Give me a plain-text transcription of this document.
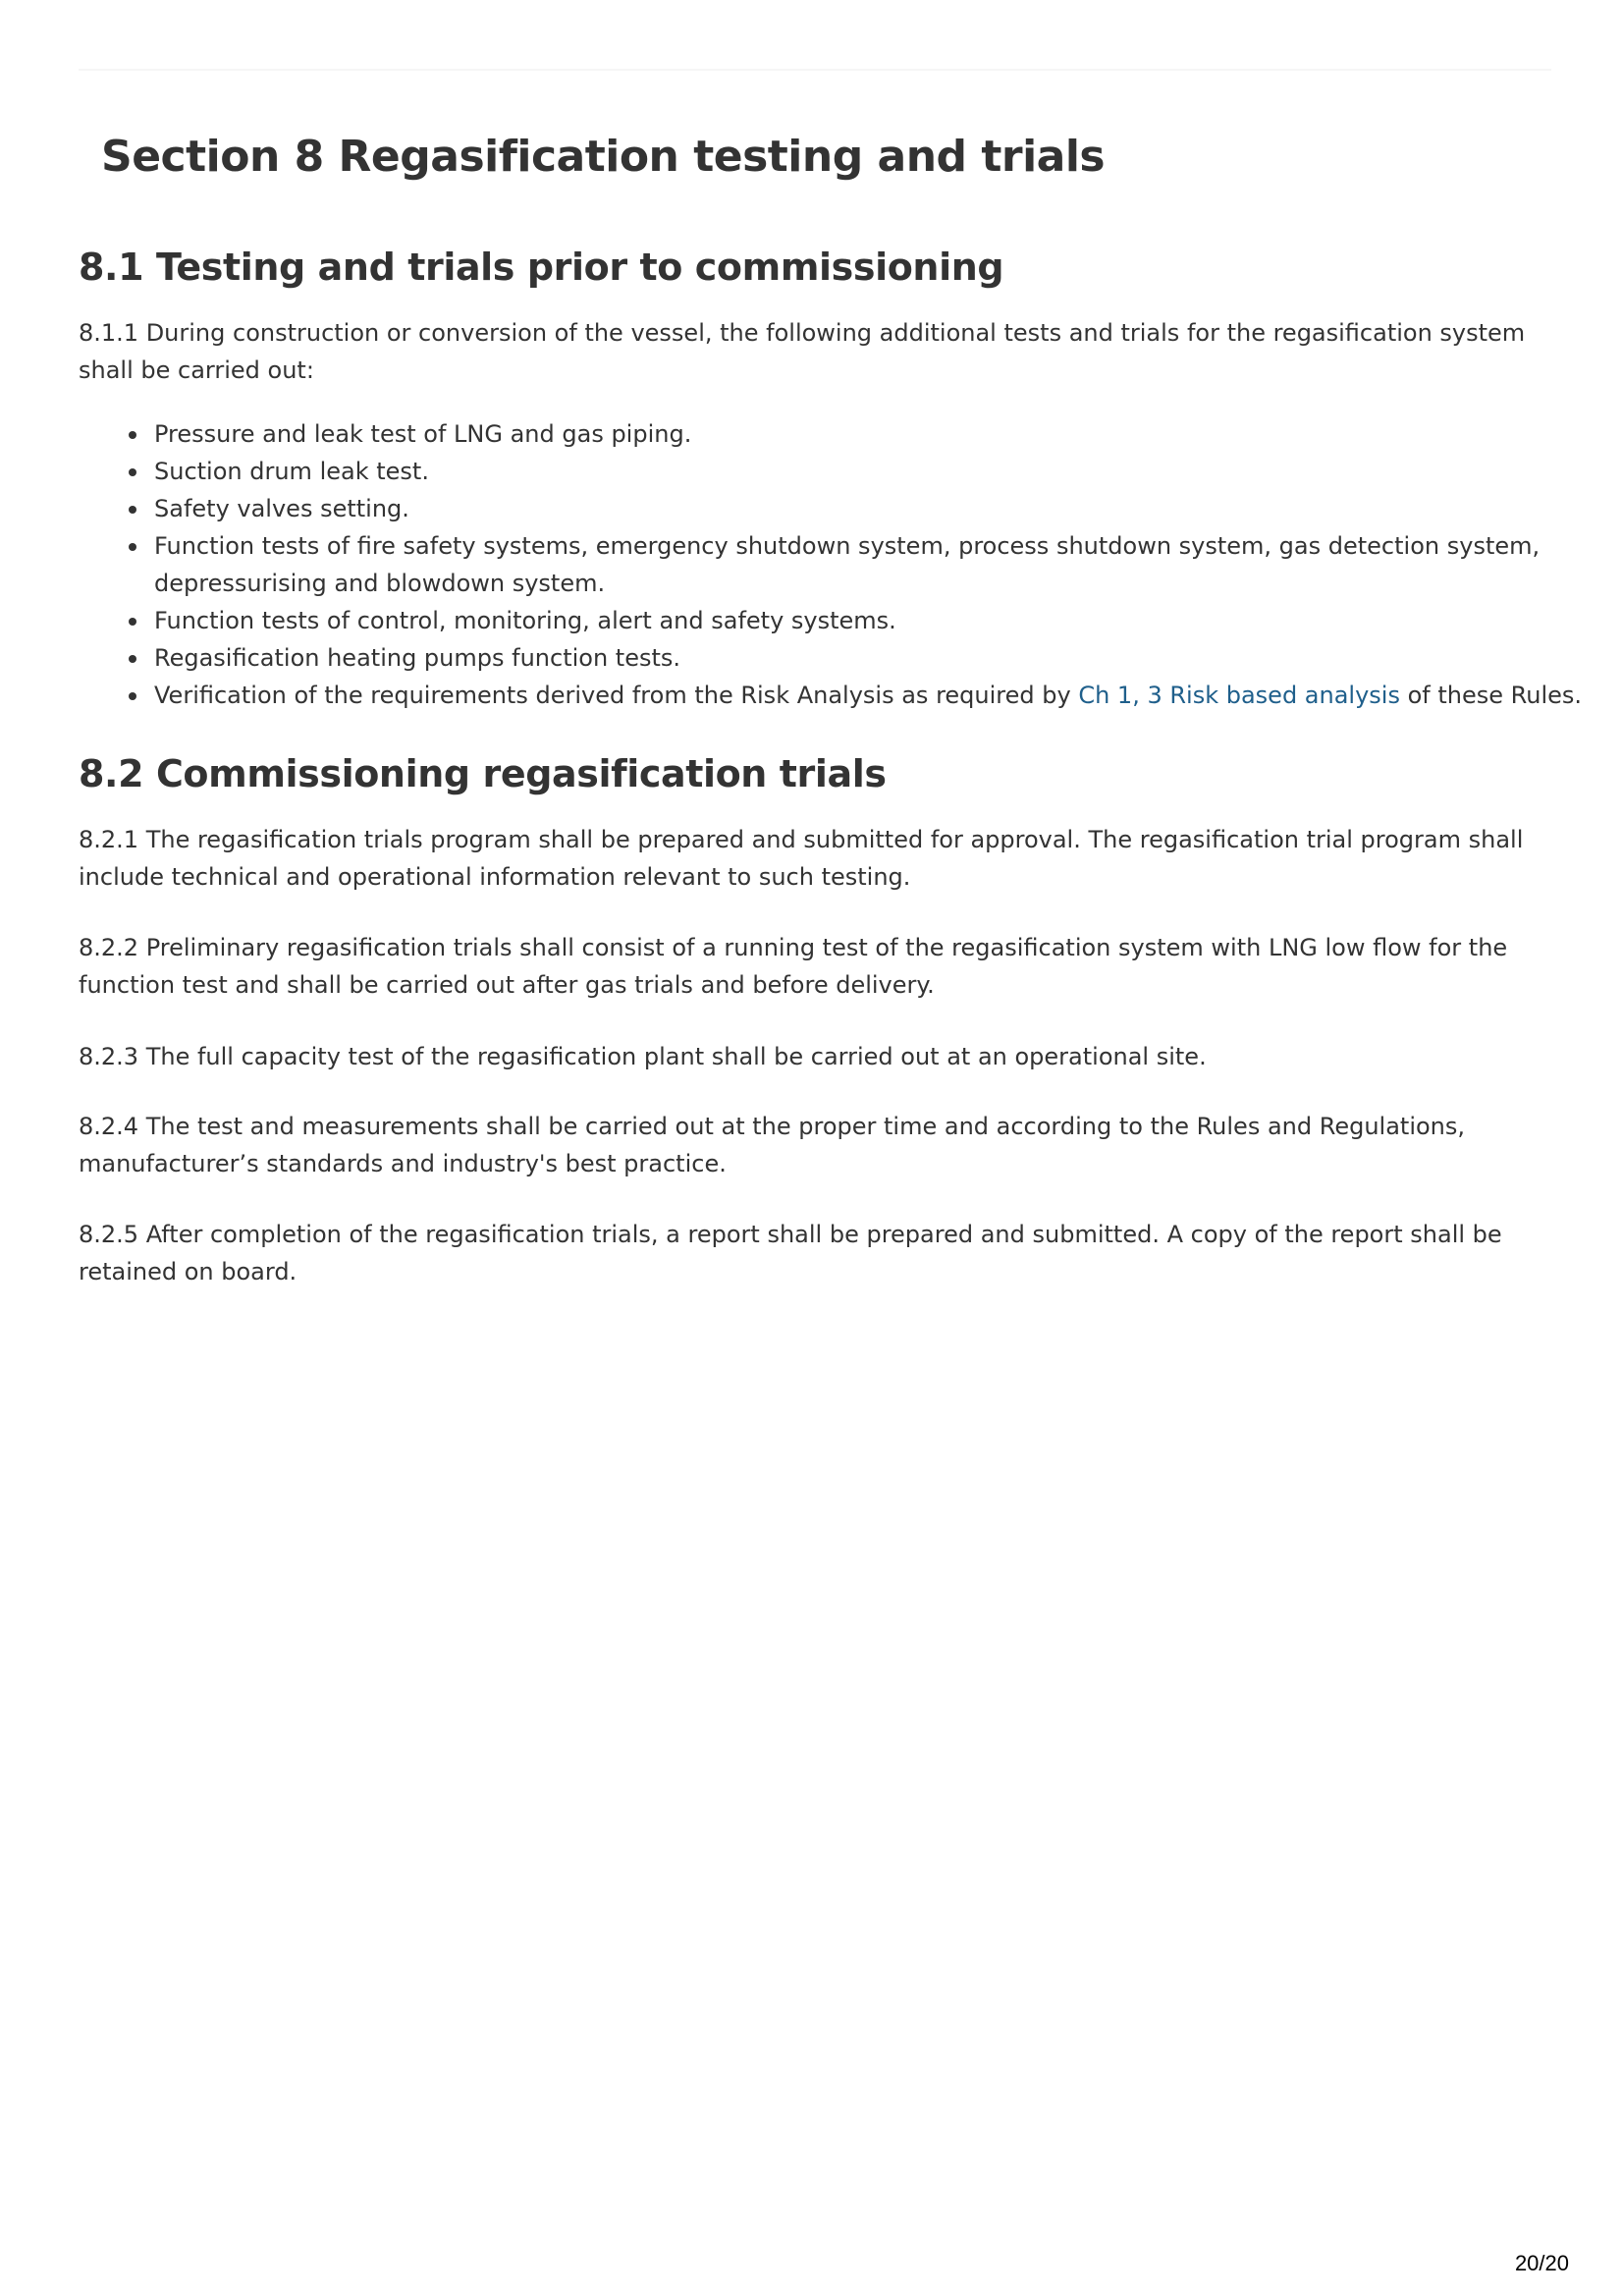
Section 8 Regasification testing and trials
8.1 Testing and trials prior to commissioning

8.1.1 During construction or conversion of the vessel, the following additional tests and trials for the regasification system shall be carried out:

Pressure and leak test of LNG and gas piping.
Suction drum leak test.
Safety valves setting.
Function tests of fire safety systems, emergency shutdown system, process shutdown system, gas detection system, depressurising and blowdown system.
Function tests of control, monitoring, alert and safety systems.
Regasification heating pumps function tests.
Verification of the requirements derived from the Risk Analysis as required by Ch 1, 3 Risk based analysis of these Rules.
8.2 Commissioning regasification trials

8.2.1 The regasification trials program shall be prepared and submitted for approval. The regasification trial program shall include technical and operational information relevant to such testing.

8.2.2 Preliminary regasification trials shall consist of a running test of the regasification system with LNG low flow for the function test and shall be carried out after gas trials and before delivery.

8.2.3 The full capacity test of the regasification plant shall be carried out at an operational site.

8.2.4 The test and measurements shall be carried out at the proper time and according to the Rules and Regulations, manufacturer’s standards and industry's best practice.

8.2.5 After completion of the regasification trials, a report shall be prepared and submitted. A copy of the report shall be retained on board.

20/20
